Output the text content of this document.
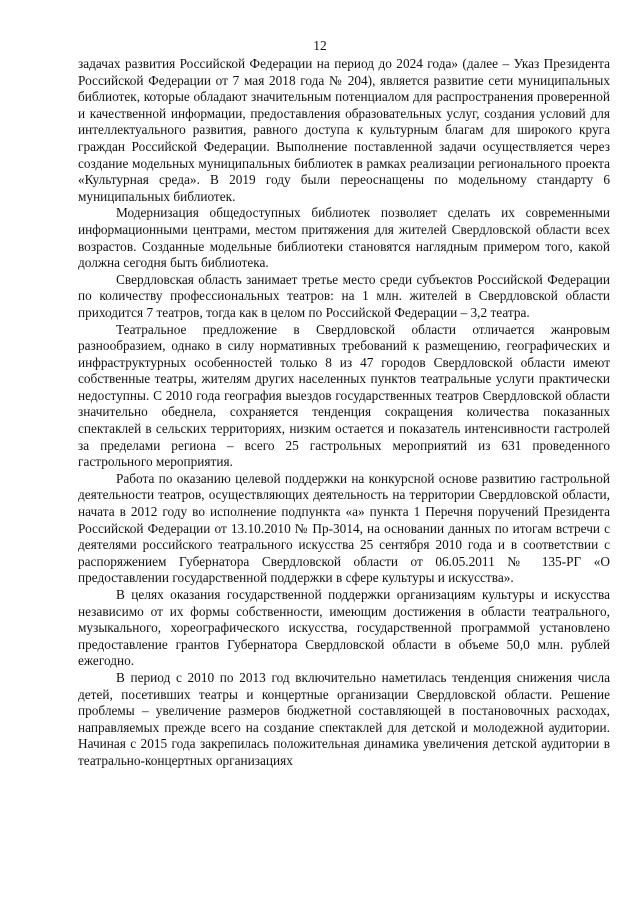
12

задачах развития Российской Федерации на период до 2024 года» (далее – Указ Президента Российской Федерации от 7 мая 2018 года № 204), является развитие сети муниципальных библиотек, которые обладают значительным потенциалом для распространения проверенной и качественной информации, предоставления образовательных услуг, создания условий для интеллектуального развития, равного доступа к культурным благам для широкого круга граждан Российской Федерации. Выполнение поставленной задачи осуществляется через создание модельных муниципальных библиотек в рамках реализации регионального проекта «Культурная среда». В 2019 году были переоснащены по модельному стандарту 6 муниципальных библиотек.

Модернизация общедоступных библиотек позволяет сделать их современными информационными центрами, местом притяжения для жителей Свердловской области всех возрастов. Созданные модельные библиотеки становятся наглядным примером того, какой должна сегодня быть библиотека.

Свердловская область занимает третье место среди субъектов Российской Федерации по количеству профессиональных театров: на 1 млн. жителей в Свердловской области приходится 7 театров, тогда как в целом по Российской Федерации – 3,2 театра.

Театральное предложение в Свердловской области отличается жанровым разнообразием, однако в силу нормативных требований к размещению, географических и инфраструктурных особенностей только 8 из 47 городов Свердловской области имеют собственные театры, жителям других населенных пунктов театральные услуги практически недоступны. С 2010 года география выездов государственных театров Свердловской области значительно обеднела, сохраняется тенденция сокращения количества показанных спектаклей в сельских территориях, низким остается и показатель интенсивности гастролей за пределами региона – всего 25 гастрольных мероприятий из 631 проведенного гастрольного мероприятия.

Работа по оказанию целевой поддержки на конкурсной основе развитию гастрольной деятельности театров, осуществляющих деятельность на территории Свердловской области, начата в 2012 году во исполнение подпункта «а» пункта 1 Перечня поручений Президента Российской Федерации от 13.10.2010 № Пр-3014, на основании данных по итогам встречи с деятелями российского театрального искусства 25 сентября 2010 года и в соответствии с распоряжением Губернатора Свердловской области от 06.05.2011 № 135-РГ «О предоставлении государственной поддержки в сфере культуры и искусства».

В целях оказания государственной поддержки организациям культуры и искусства независимо от их формы собственности, имеющим достижения в области театрального, музыкального, хореографического искусства, государственной программой установлено предоставление грантов Губернатора Свердловской области в объеме 50,0 млн. рублей ежегодно.

В период с 2010 по 2013 год включительно наметилась тенденция снижения числа детей, посетивших театры и концертные организации Свердловской области. Решение проблемы – увеличение размеров бюджетной составляющей в постановочных расходах, направляемых прежде всего на создание спектаклей для детской и молодежной аудитории. Начиная с 2015 года закрепилась положительная динамика увеличения детской аудитории в театрально-концертных организациях
